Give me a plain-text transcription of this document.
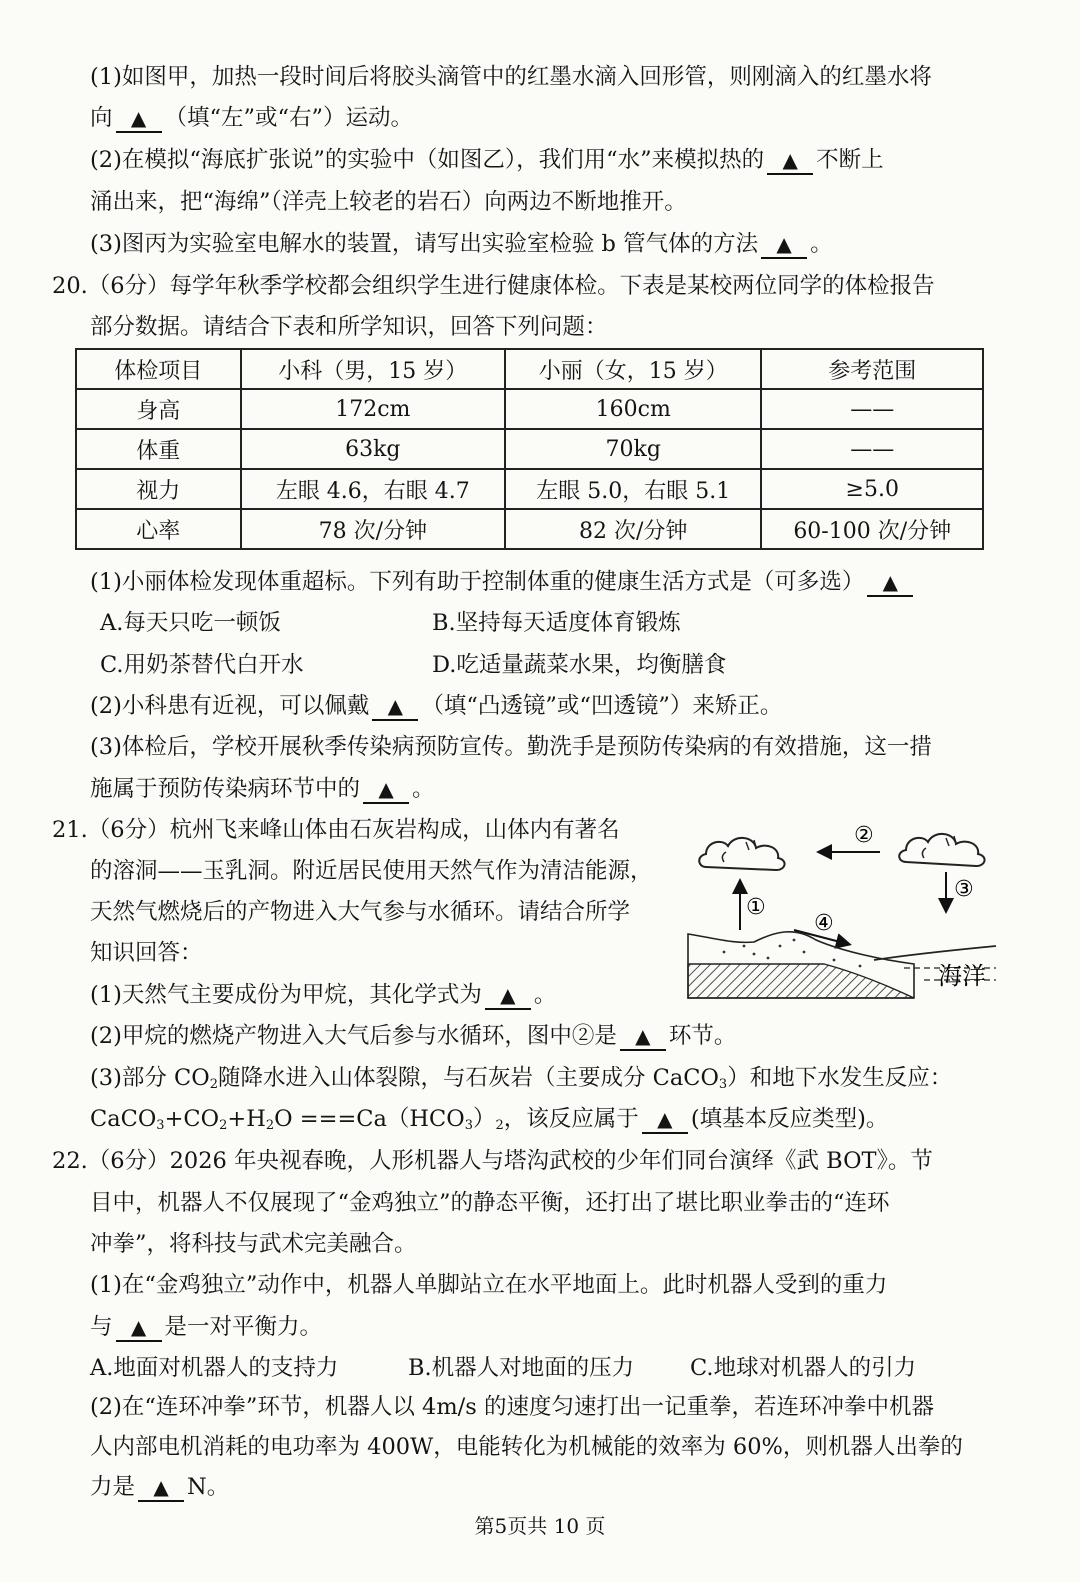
(1)如图甲，加热一段时间后将胶头滴管中的红墨水滴入回形管，则刚滴入的红墨水将
向 ▲ （填“左”或“右”）运动。
(2)在模拟“海底扩张说”的实验中（如图乙），我们用“水”来模拟热的 ▲ 不断上
涌出来，把“海绵”（洋壳上较老的岩石）向两边不断地推开。
(3)图丙为实验室电解水的装置，请写出实验室检验 b 管气体的方法 ▲ 。
20.（6分）每学年秋季学校都会组织学生进行健康体检。下表是某校两位同学的体检报告
部分数据。请结合下表和所学知识，回答下列问题：
体检项目	小科（男，15 岁）	小丽（女，15 岁）	参考范围
身高	172cm	160cm	——
体重	63kg	70kg	——
视力	左眼 4.6，右眼 4.7	左眼 5.0，右眼 5.1	≥5.0
心率	78 次/分钟	82 次/分钟	60-100 次/分钟
(1)小丽体检发现体重超标。下列有助于控制体重的健康生活方式是（可多选） ▲
A.每天只吃一顿饭	B.坚持每天适度体育锻炼
C.用奶茶替代白开水	D.吃适量蔬菜水果，均衡膳食
(2)小科患有近视，可以佩戴 ▲ （填“凸透镜”或“凹透镜”）来矫正。
(3)体检后，学校开展秋季传染病预防宣传。勤洗手是预防传染病的有效措施，这一措
施属于预防传染病环节中的 ▲ 。
21.（6分）杭州飞来峰山体由石灰岩构成，山体内有著名
的溶洞——玉乳洞。附近居民使用天然气作为清洁能源，
天然气燃烧后的产物进入大气参与水循环。请结合所学
知识回答：
②
①
③
④
海洋
(1)天然气主要成份为甲烷，其化学式为 ▲ 。
(2)甲烷的燃烧产物进入大气后参与水循环，图中②是 ▲ 环节。
(3)部分 $CO_2$随降水进入山体裂隙，与石灰岩（主要成分 CaCO$_3$）和地下水发生反应：
$CaCO_3+CO_2+H_2O ===Ca(HCO_3)_2$，该反应属于 ▲ (填基本反应类型)。
22.（6分）2026 年央视春晚，人形机器人与塔沟武校的少年们同台演绎《武 BOT》。节
目中，机器人不仅展现了“金鸡独立”的静态平衡，还打出了堪比职业拳击的“连环
冲拳”，将科技与武术完美融合。
(1)在“金鸡独立”动作中，机器人单脚站立在水平地面上。此时机器人受到的重力
与 ▲ 是一对平衡力。
A.地面对机器人的支持力	B.机器人对地面的压力 C.地球对机器人的引力
(2)在“连环冲拳”环节，机器人以 4m/s 的速度匀速打出一记重拳，若连环冲拳中机器
人内部电机消耗的电功率为 400W，电能转化为机械能的效率为 60%，则机器人出拳的
力是 ▲ N。
第5页共 10 页
